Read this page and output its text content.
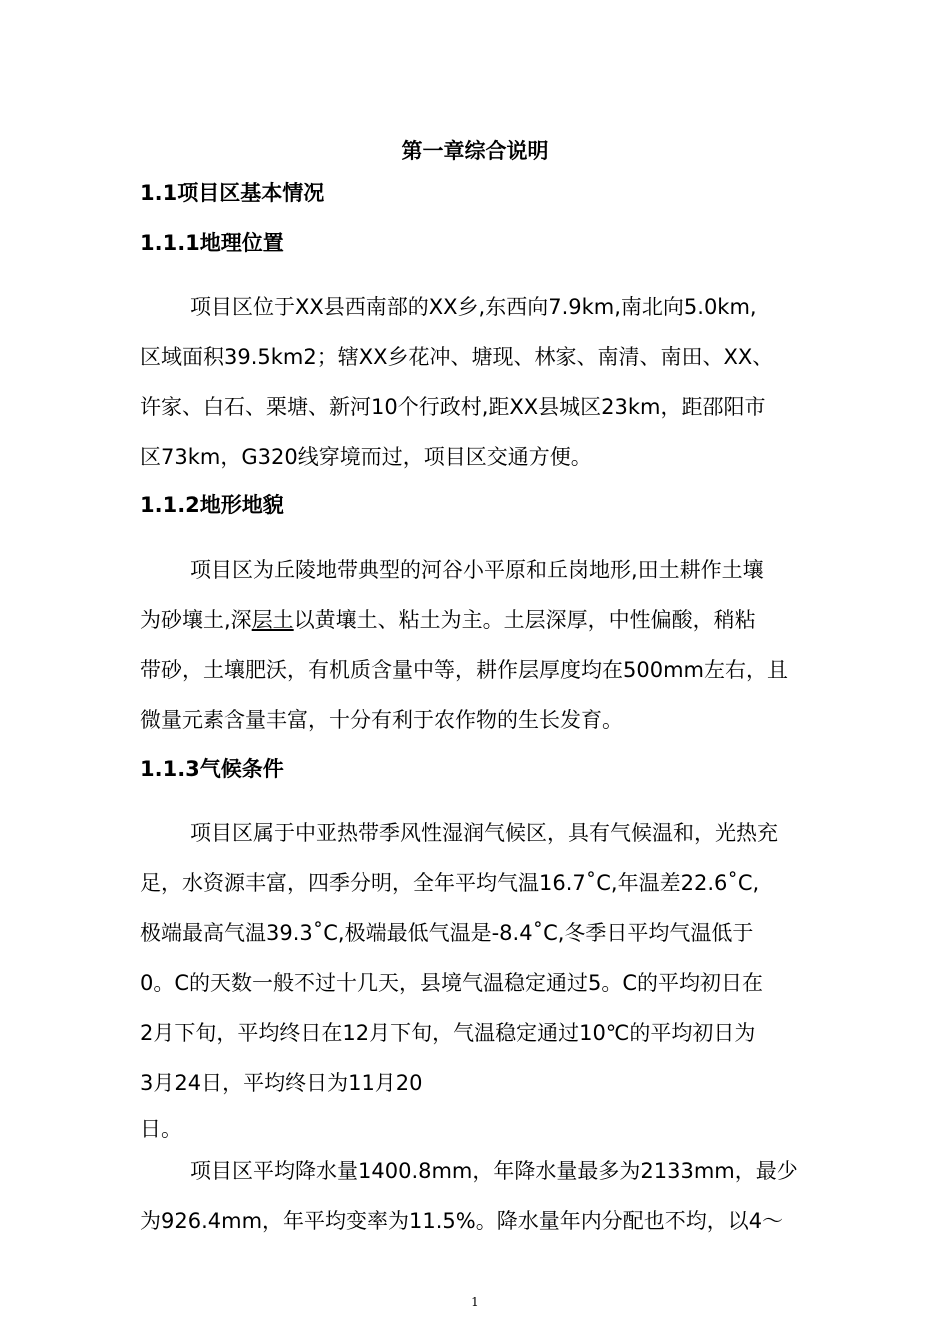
第一章综合说明
1.1项目区基本情况
1.1.1地理位置
项目区位于XX县西南部的XX乡,东西向7.9km,南北向5.0km,
区域面积39.5km2；辖XX乡花冲、塘现、林家、南清、南田、XX、
许家、白石、栗塘、新河10个行政村,距XX县城区23km，距邵阳市
区73km，G320线穿境而过，项目区交通方便。
1.1.2地形地貌
项目区为丘陵地带典型的河谷小平原和丘岗地形,田土耕作土壤
为砂壤土,深层土以黄壤土、粘土为主。土层深厚，中性偏酸，稍粘
带砂，土壤肥沃，有机质含量中等，耕作层厚度均在500mm左右，且
微量元素含量丰富，十分有利于农作物的生长发育。
1.1.3气候条件
项目区属于中亚热带季风性湿润气候区，具有气候温和，光热充
足，水资源丰富，四季分明，全年平均气温16.7˚C,年温差22.6˚C,
极端最高气温39.3˚C,极端最低气温是-8.4˚C,冬季日平均气温低于
0。C的天数一般不过十几天，县境气温稳定通过5。C的平均初日在
2月下旬，平均终日在12月下旬，气温稳定通过10℃的平均初日为
3月24日，平均终日为11月20
日。
项目区平均降水量1400.8mm，年降水量最多为2133mm，最少
为926.4mm，年平均变率为11.5%。降水量年内分配也不均，以4～
1
